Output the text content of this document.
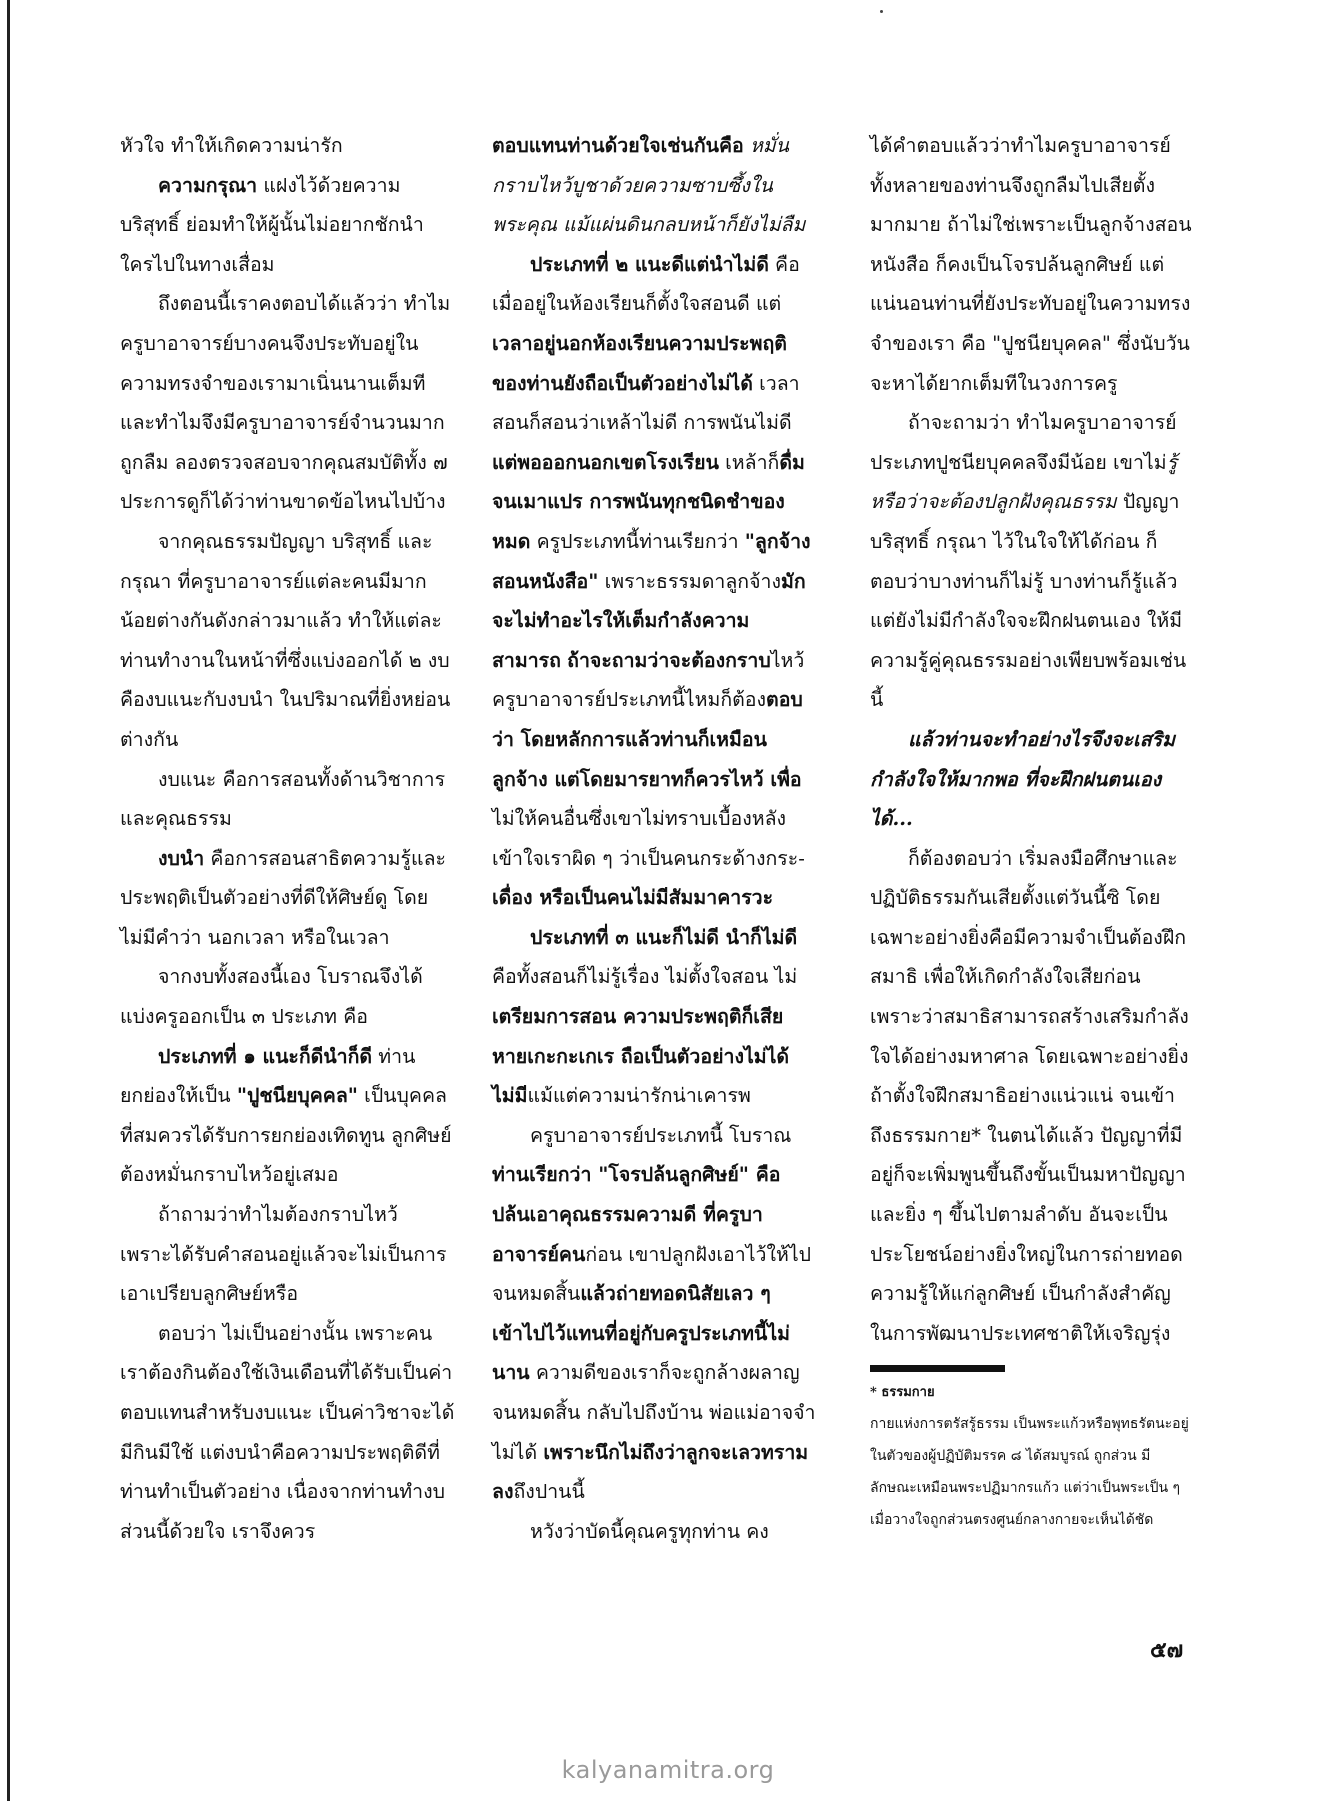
หัวใจ ทำให้เกิดความน่ารัก

ความกรุณา แฝงไว้ด้วยความบริสุทธิ์ ย่อมทำให้ผู้นั้นไม่อยากชักนำใครไปในทางเสื่อม

ถึงตอนนี้เราคงตอบได้แล้วว่า ทำไมครูบาอาจารย์บางคนจึงประทับอยู่ในความทรงจำของเรามาเนิ่นนานเต็มที และทำไมจึงมีครูบาอาจารย์จำนวนมากถูกลืม ลองตรวจสอบจากคุณสมบัติทั้ง ๗ ประการดูก็ได้ว่าท่านขาดข้อไหนไปบ้าง

จากคุณธรรมปัญญา บริสุทธิ์ และกรุณา ที่ครูบาอาจารย์แต่ละคนมีมากน้อยต่างกันดังกล่าวมาแล้ว ทำให้แต่ละท่านทำงานในหน้าที่ซึ่งแบ่งออกได้ ๒ งบ คืองบแนะกับงบนำ ในปริมาณที่ยิ่งหย่อนต่างกัน

งบแนะ คือการสอนทั้งด้านวิชาการและคุณธรรม

งบนำ คือการสอนสาธิตความรู้และประพฤติเป็นตัวอย่างที่ดีให้ศิษย์ดู โดยไม่มีคำว่า นอกเวลา หรือในเวลา

จากงบทั้งสองนี้เอง โบราณจึงได้แบ่งครูออกเป็น ๓ ประเภท คือ

ประเภทที่ ๑ แนะก็ดีนำก็ดี ท่านยกย่องให้เป็น "ปูชนียบุคคล" เป็นบุคคลที่สมควรได้รับการยกย่องเทิดทูน ลูกศิษย์ต้องหมั่นกราบไหว้อยู่เสมอ

ถ้าถามว่าทำไมต้องกราบไหว้ เพราะได้รับคำสอนอยู่แล้วจะไม่เป็นการเอาเปรียบลูกศิษย์หรือ

ตอบว่า ไม่เป็นอย่างนั้น เพราะคนเราต้องกินต้องใช้เงินเดือนที่ได้รับเป็นค่าตอบแทนสำหรับงบแนะ เป็นค่าวิชาจะได้มีกินมีใช้ แต่งบนำคือความประพฤติดีที่ท่านทำเป็นตัวอย่าง เนื่องจากท่านทำงบส่วนนี้ด้วยใจ เราจึงควร

ตอบแทนท่านด้วยใจเช่นกันคือ หมั่นกราบไหว้บูชาด้วยความซาบซึ้งในพระคุณ แม้แผ่นดินกลบหน้าก็ยังไม่ลืม

ประเภทที่ ๒ แนะดีแต่นำไม่ดี คือ เมื่ออยู่ในห้องเรียนก็ตั้งใจสอนดี แต่เวลาอยู่นอกห้องเรียนความประพฤติของท่านยังถือเป็นตัวอย่างไม่ได้ เวลาสอนก็สอนว่าเหล้าไม่ดี การพนันไม่ดี แต่พอออกนอกเขตโรงเรียน เหล้าก็ดื่มจนเมาแปร การพนันทุกชนิดชำของหมด ครูประเภทนี้ท่านเรียกว่า "ลูกจ้างสอนหนังสือ" เพราะธรรมดาลูกจ้างมักจะไม่ทำอะไรให้เต็มกำลังความสามารถ ถ้าจะถามว่าจะต้องกราบไหว้ครูบาอาจารย์ประเภทนี้ไหมก็ต้องตอบว่า โดยหลักการแล้วท่านก็เหมือนลูกจ้าง แต่โดยมารยาทก็ควรไหว้ เพื่อไม่ให้คนอื่นซึ่งเขาไม่ทราบเบื้องหลังเข้าใจเราผิด ๆ ว่าเป็นคนกระด้างกระ-เดื่อง หรือเป็นคนไม่มีสัมมาคารวะ

ประเภทที่ ๓ แนะก็ไม่ดี นำก็ไม่ดี คือทั้งสอนก็ไม่รู้เรื่อง ไม่ตั้งใจสอน ไม่เตรียมการสอน ความประพฤติก็เสียหายเกะกะเกเร ถือเป็นตัวอย่างไม่ได้ ไม่มีแม้แต่ความน่ารักน่าเคารพ

ครูบาอาจารย์ประเภทนี้ โบราณท่านเรียกว่า "โจรปล้นลูกศิษย์" คือปล้นเอาคุณธรรมความดี ที่ครูบาอาจารย์คนก่อน เขาปลูกฝังเอาไว้ให้ไปจนหมดสิ้นแล้วถ่ายทอดนิสัยเลว ๆ เข้าไปไว้แทนที่อยู่กับครูประเภทนี้ไม่นาน ความดีของเราก็จะถูกล้างผลาญจนหมดสิ้น กลับไปถึงบ้าน พ่อแม่อาจจำไม่ได้ เพราะนึกไม่ถึงว่าลูกจะเลวทรามลงถึงปานนี้

หวังว่าบัดนี้คุณครูทุกท่าน คง

ได้คำตอบแล้วว่าทำไมครูบาอาจารย์ทั้งหลายของท่านจึงถูกลืมไปเสียตั้งมากมาย ถ้าไม่ใช่เพราะเป็นลูกจ้างสอนหนังสือ ก็คงเป็นโจรปล้นลูกศิษย์ แต่แน่นอนท่านที่ยังประทับอยู่ในความทรงจำของเรา คือ "ปูชนียบุคคล" ซึ่งนับวันจะหาได้ยากเต็มทีในวงการครู

ถ้าจะถามว่า ทำไมครูบาอาจารย์ประเภทปูชนียบุคคลจึงมีน้อย เขาไม่รู้หรือว่าจะต้องปลูกฝังคุณธรรม ปัญญา บริสุทธิ์ กรุณา ไว้ในใจให้ได้ก่อน ก็ตอบว่าบางท่านก็ไม่รู้ บางท่านก็รู้แล้ว แต่ยังไม่มีกำลังใจจะฝึกฝนตนเอง ให้มีความรู้คู่คุณธรรมอย่างเพียบพร้อมเช่นนี้

แล้วท่านจะทำอย่างไรจึงจะเสริมกำลังใจให้มากพอ ที่จะฝึกฝนตนเองได้...

ก็ต้องตอบว่า เริ่มลงมือศึกษาและปฏิบัติธรรมกันเสียตั้งแต่วันนี้ซิ โดยเฉพาะอย่างยิ่งคือมีความจำเป็นต้องฝึกสมาธิ เพื่อให้เกิดกำลังใจเสียก่อน เพราะว่าสมาธิสามารถสร้างเสริมกำลังใจได้อย่างมหาศาล โดยเฉพาะอย่างยิ่งถ้าตั้งใจฝึกสมาธิอย่างแน่วแน่ จนเข้าถึงธรรมกาย* ในตนได้แล้ว ปัญญาที่มีอยู่ก็จะเพิ่มพูนขึ้นถึงขั้นเป็นมหาปัญญา และยิ่ง ๆ ขึ้นไปตามลำดับ อันจะเป็นประโยชน์อย่างยิ่งใหญ่ในการถ่ายทอดความรู้ให้แก่ลูกศิษย์ เป็นกำลังสำคัญในการพัฒนาประเทศชาติให้เจริญรุ่ง

* ธรรมกาย

กายแห่งการตรัสรู้ธรรม เป็นพระแก้วหรือพุทธรัตนะอยู่ในตัวของผู้ปฏิบัติมรรค ๘ ได้สมบูรณ์ ถูกส่วน มีลักษณะเหมือนพระปฏิมากรแก้ว แต่ว่าเป็นพระเป็น ๆ เมื่อวางใจถูกส่วนตรงศูนย์กลางกายจะเห็นได้ชัด

๕๗
kalyanamitra.org
